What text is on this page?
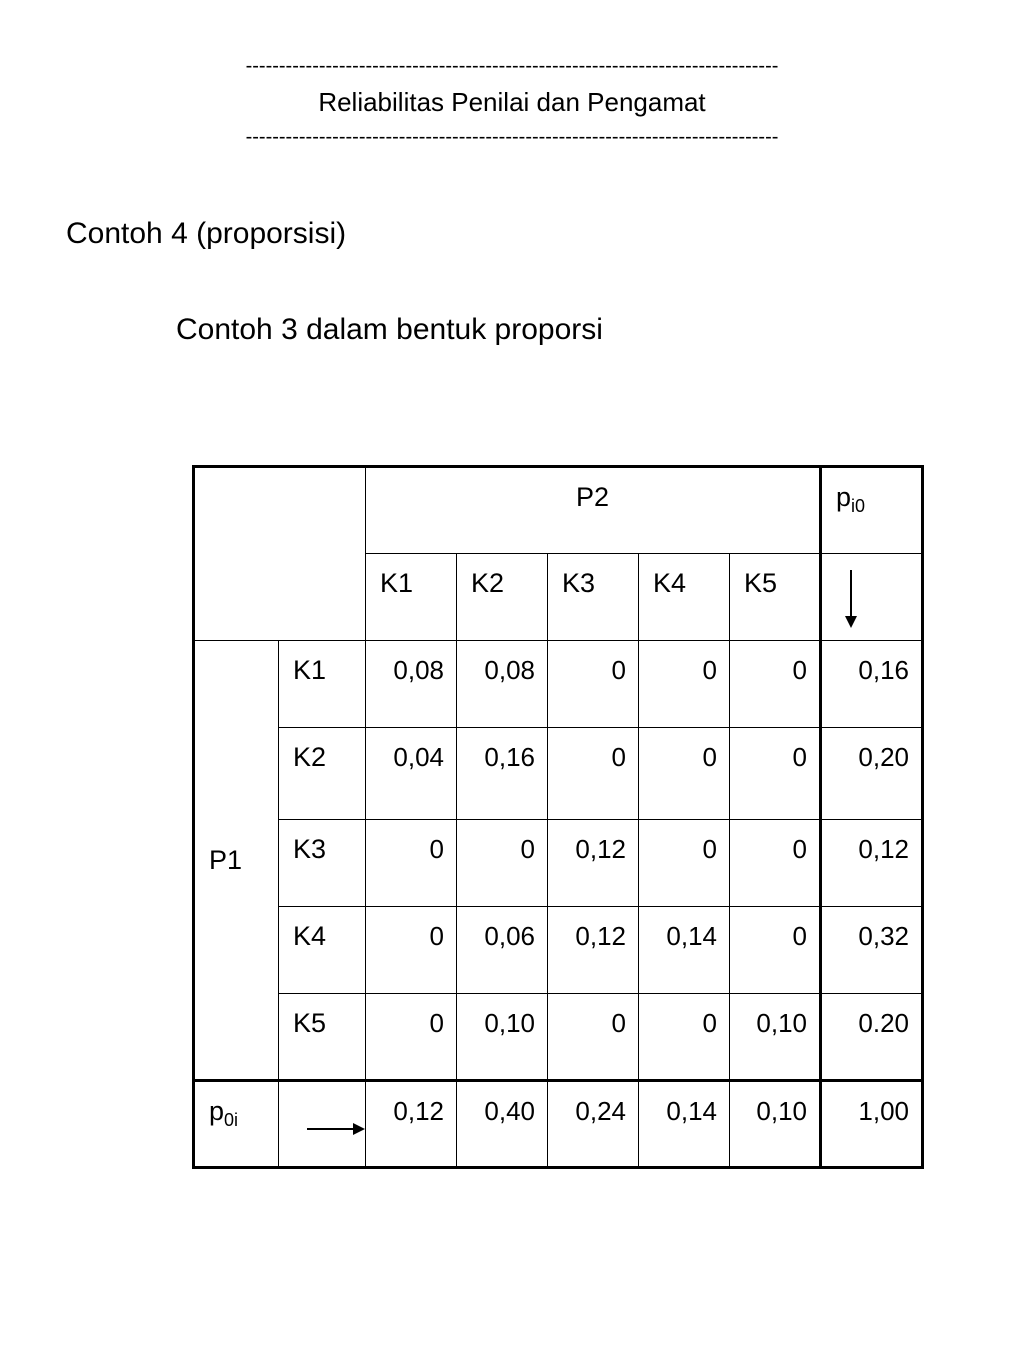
--------------------------------------------------------------------------------
Reliabilitas Penilai dan Pengamat
--------------------------------------------------------------------------------
Contoh 4 (proporsisi)
Contoh 3 dalam bentuk proporsi
		P2					$p_{i0}$
		K1	K2	K3	K4	K5	

P1	K1	0,08	0,08	0	0	0	0,16
	K2	0,04	0,16	0	0	0	0,20
	K3	0	0	0,12	0	0	0,12
	K4	0	0,06	0,12	0,14	0	0,32
	K5	0	0,10	0	0	0,10	0.20
$p_{0i}$		0,12	0,40	0,24	0,14	0,10	1,00
